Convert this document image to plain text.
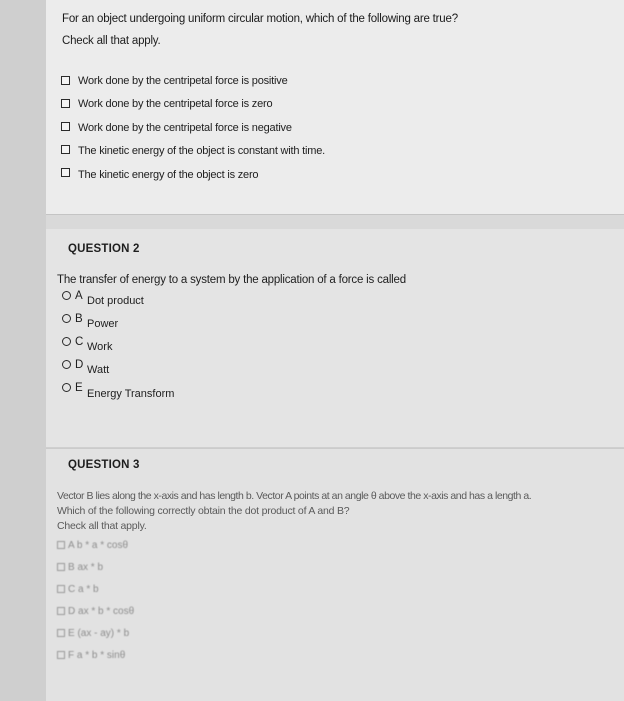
For an object undergoing uniform circular motion, which of the following are true?
Check all that apply.
Work done by the centripetal force is positive
Work done by the centripetal force is zero
Work done by the centripetal force is negative
The kinetic energy of the object is constant with time.
The kinetic energy of the object is zero
QUESTION 2
The transfer of energy to a system by the application of a force is called
A Dot product
B Power
C Work
D Watt
E Energy Transform
QUESTION 3
Vector B lies along the x-axis and has length b. Vector A points at an angle θ above the x-axis and has a length a.
Which of the following correctly obtain the dot product of A and B?
Check all that apply.
A b * a * cosθ
B ax * b
C a * b
D ax * b * cosθ
E (ax - ay) * b
F a * b * sinθ
